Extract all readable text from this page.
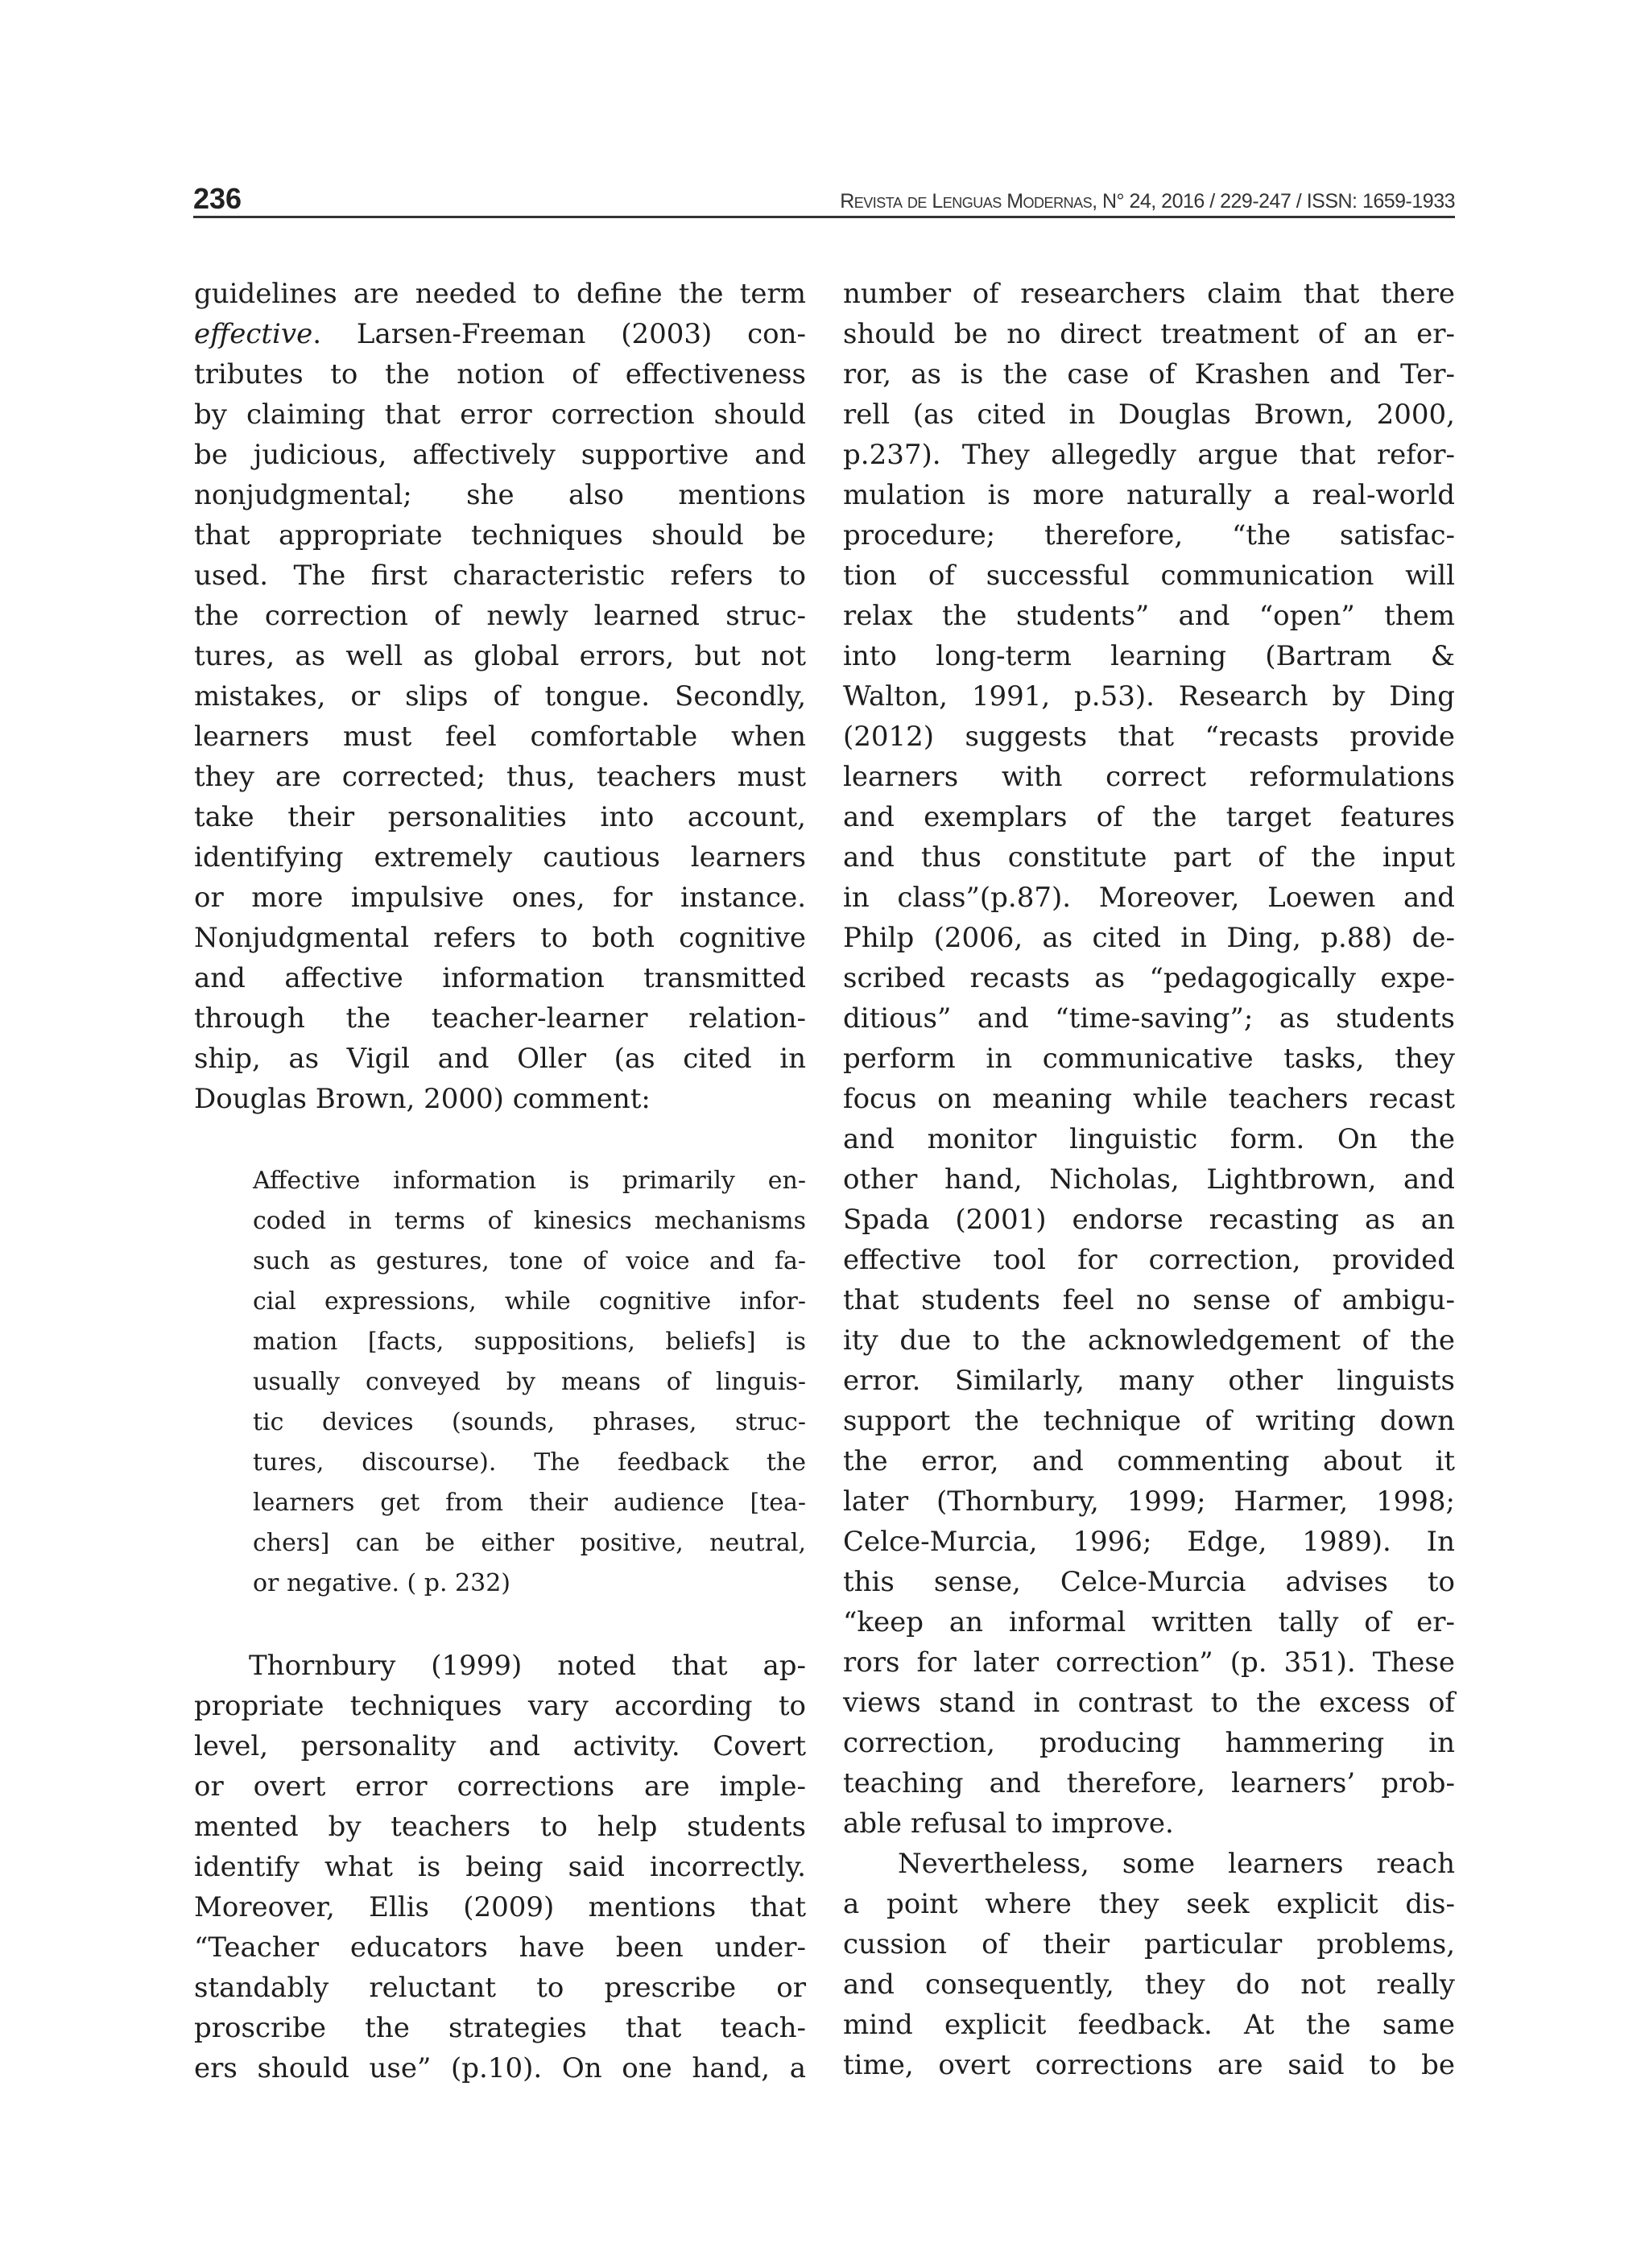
236	Revista de Lenguas Modernas, N° 24, 2016 / 229-247 / ISSN: 1659-1933
guidelines are needed to define the term
effective. Larsen-Freeman (2003) con-
tributes to the notion of effectiveness
by claiming that error correction should
be judicious, affectively supportive and
nonjudgmental; she also mentions
that appropriate techniques should be
used. The first characteristic refers to
the correction of newly learned struc-
tures, as well as global errors, but not
mistakes, or slips of tongue. Secondly,
learners must feel comfortable when
they are corrected; thus, teachers must
take their personalities into account,
identifying extremely cautious learners
or more impulsive ones, for instance.
Nonjudgmental refers to both cognitive
and affective information transmitted
through the teacher-learner relation-
ship, as Vigil and Oller (as cited in
Douglas Brown, 2000) comment:
Affective information is primarily en-
coded in terms of kinesics mechanisms
such as gestures, tone of voice and fa-
cial expressions, while cognitive infor-
mation [facts, suppositions, beliefs] is
usually conveyed by means of linguis-
tic devices (sounds, phrases, struc-
tures, discourse). The feedback the
learners get from their audience [tea-
chers] can be either positive, neutral,
or negative. ( p. 232)
Thornbury (1999) noted that ap-
propriate techniques vary according to
level, personality and activity. Covert
or overt error corrections are imple-
mented by teachers to help students
identify what is being said incorrectly.
Moreover, Ellis (2009) mentions that
“Teacher educators have been under-
standably reluctant to prescribe or
proscribe the strategies that teach-
ers should use” (p.10). On one hand, a
number of researchers claim that there
should be no direct treatment of an er-
ror, as is the case of Krashen and Ter-
rell (as cited in Douglas Brown, 2000,
p.237). They allegedly argue that refor-
mulation is more naturally a real-world
procedure; therefore, “the satisfac-
tion of successful communication will
relax the students” and “open” them
into long-term learning (Bartram &
Walton, 1991, p.53). Research by Ding
(2012) suggests that “recasts provide
learners with correct reformulations
and exemplars of the target features
and thus constitute part of the input
in class”(p.87). Moreover, Loewen and
Philp (2006, as cited in Ding, p.88) de-
scribed recasts as “pedagogically expe-
ditious” and “time-saving”; as students
perform in communicative tasks, they
focus on meaning while teachers recast
and monitor linguistic form. On the
other hand, Nicholas, Lightbrown, and
Spada (2001) endorse recasting as an
effective tool for correction, provided
that students feel no sense of ambigu-
ity due to the acknowledgement of the
error. Similarly, many other linguists
support the technique of writing down
the error, and commenting about it
later (Thornbury, 1999; Harmer, 1998;
Celce-Murcia, 1996; Edge, 1989). In
this sense, Celce-Murcia advises to
“keep an informal written tally of er-
rors for later correction” (p. 351). These
views stand in contrast to the excess of
correction, producing hammering in
teaching and therefore, learners’ prob-
able refusal to improve.
Nevertheless, some learners reach
a point where they seek explicit dis-
cussion of their particular problems,
and consequently, they do not really
mind explicit feedback. At the same
time, overt corrections are said to be
